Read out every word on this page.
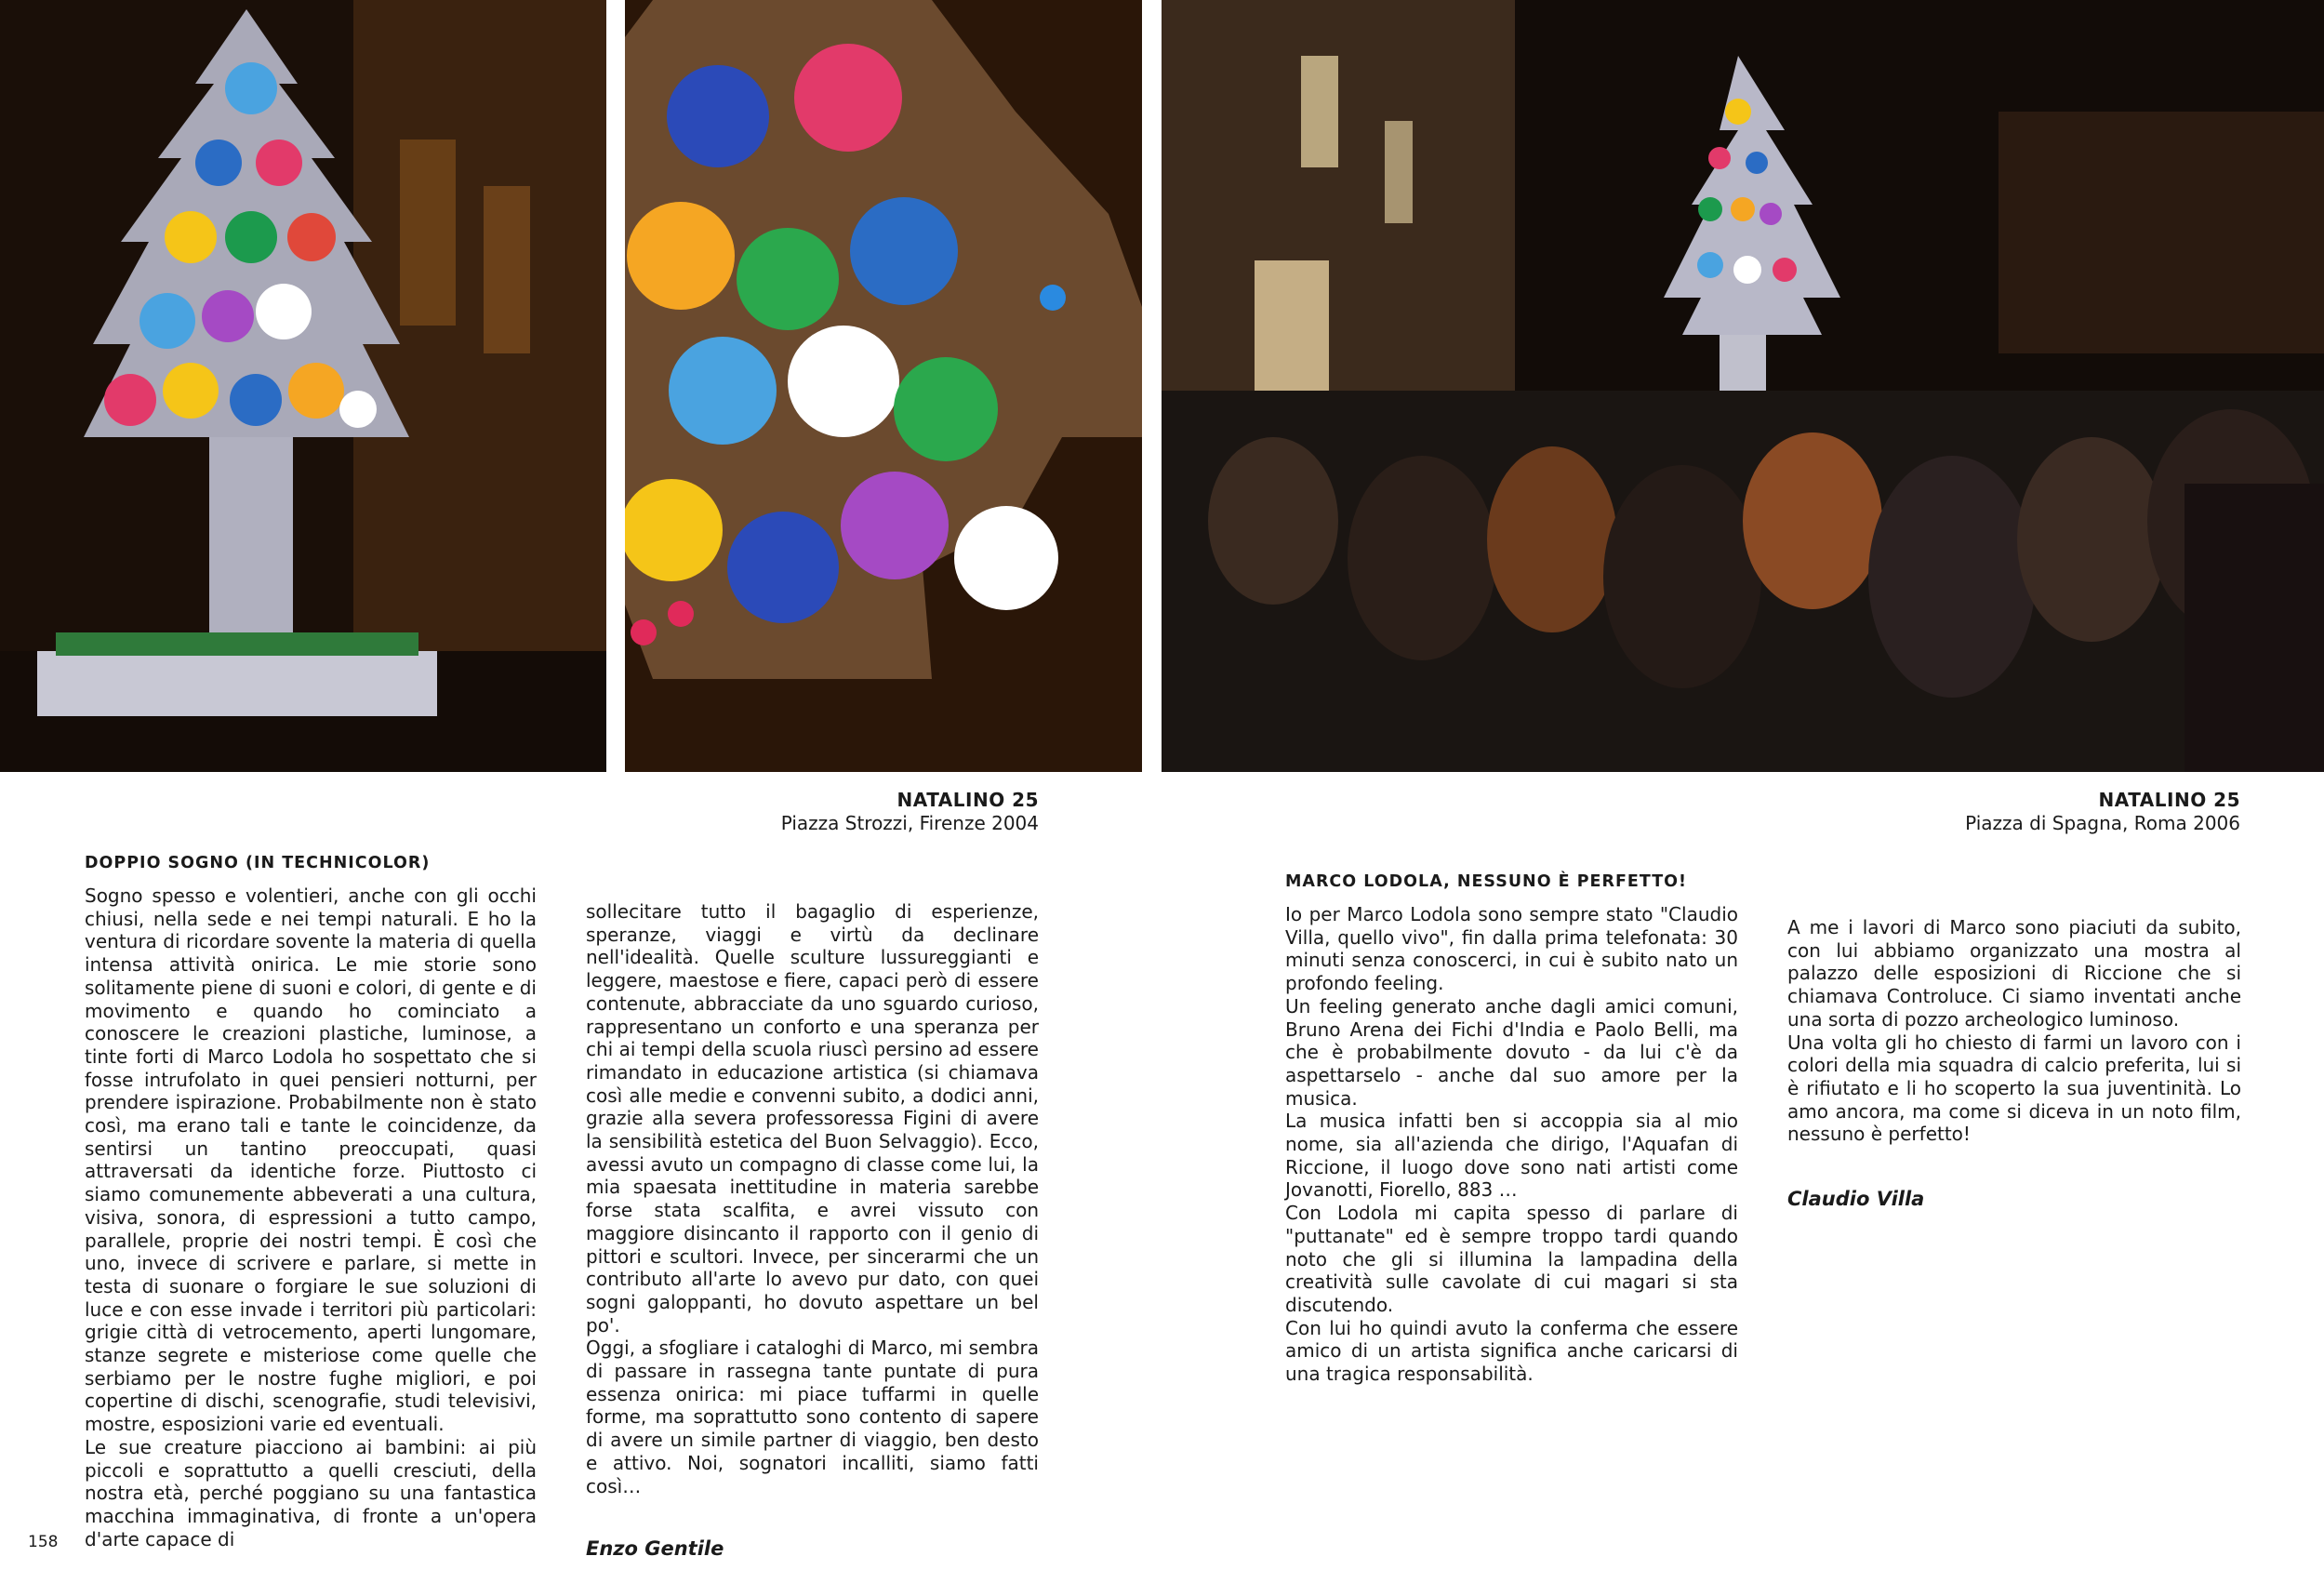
NATALINO 25
Piazza Strozzi, Firenze 2004
NATALINO 25
Piazza di Spagna, Roma 2006
DOPPIO SOGNO (IN TECHNICOLOR)

Sogno spesso e volentieri, anche con gli occhi chiusi, nella sede e nei tempi naturali. E ho la ventura di ricordare sovente la materia di quella intensa attività onirica. Le mie storie sono solitamente piene di suoni e colori, di gente e di movimento e quando ho cominciato a conoscere le creazioni plastiche, luminose, a tinte forti di Marco Lodola ho sospettato che si fosse intrufolato in quei pensieri notturni, per prendere ispirazione. Probabilmente non è stato così, ma erano tali e tante le coincidenze, da sentirsi un tantino preoccupati, quasi attraversati da identiche forze. Piuttosto ci siamo comunemente abbeverati a una cultura, visiva, sonora, di espressioni a tutto campo, parallele, proprie dei nostri tempi. È così che uno, invece di scrivere e parlare, si mette in testa di suonare o forgiare le sue soluzioni di luce e con esse invade i territori più particolari: grigie città di vetrocemento, aperti lungomare, stanze segrete e misteriose come quelle che serbiamo per le nostre fughe migliori, e poi copertine di dischi, scenografie, studi televisivi, mostre, esposizioni varie ed eventuali.

Le sue creature piacciono ai bambini: ai più piccoli e soprattutto a quelli cresciuti, della nostra età, perché poggiano su una fantastica macchina immaginativa, di fronte a un'opera d'arte capace di

sollecitare tutto il bagaglio di esperienze, speranze, viaggi e virtù da declinare nell'idealità. Quelle sculture lussureggianti e leggere, maestose e fiere, capaci però di essere contenute, abbracciate da uno sguardo curioso, rappresentano un conforto e una speranza per chi ai tempi della scuola riuscì persino ad essere rimandato in educazione artistica (si chiamava così alle medie e convenni subito, a dodici anni, grazie alla severa professoressa Figini di avere la sensibilità estetica del Buon Selvaggio). Ecco, avessi avuto un compagno di classe come lui, la mia spaesata inettitudine in materia sarebbe forse stata scalfita, e avrei vissuto con maggiore disincanto il rapporto con il genio di pittori e scultori. Invece, per sincerarmi che un contributo all'arte lo avevo pur dato, con quei sogni galoppanti, ho dovuto aspettare un bel po'.

Oggi, a sfogliare i cataloghi di Marco, mi sembra di passare in rassegna tante puntate di pura essenza onirica: mi piace tuffarmi in quelle forme, ma soprattutto sono contento di sapere di avere un simile partner di viaggio, ben desto e attivo. Noi, sognatori incalliti, siamo fatti così…

Enzo Gentile

MARCO LODOLA, NESSUNO È PERFETTO!

Io per Marco Lodola sono sempre stato "Claudio Villa, quello vivo", fin dalla prima telefonata: 30 minuti senza conoscerci, in cui è subito nato un profondo feeling.

Un feeling generato anche dagli amici comuni, Bruno Arena dei Fichi d'India e Paolo Belli, ma che è probabilmente dovuto - da lui c'è da aspettarselo - anche dal suo amore per la musica.

La musica infatti ben si accoppia sia al mio nome, sia all'azienda che dirigo, l'Aquafan di Riccione, il luogo dove sono nati artisti come Jovanotti, Fiorello, 883 …

Con Lodola mi capita spesso di parlare di "puttanate" ed è sempre troppo tardi quando noto che gli si illumina la lampadina della creatività sulle cavolate di cui magari si sta discutendo.

Con lui ho quindi avuto la conferma che essere amico di un artista significa anche caricarsi di una tragica responsabilità.

A me i lavori di Marco sono piaciuti da subito, con lui abbiamo organizzato una mostra al palazzo delle esposizioni di Riccione che si chiamava Controluce. Ci siamo inventati anche una sorta di pozzo archeologico luminoso.

Una volta gli ho chiesto di farmi un lavoro con i colori della mia squadra di calcio preferita, lui si è rifiutato e li ho scoperto la sua juventinità. Lo amo ancora, ma come si diceva in un noto film, nessuno è perfetto!

Claudio Villa

158
